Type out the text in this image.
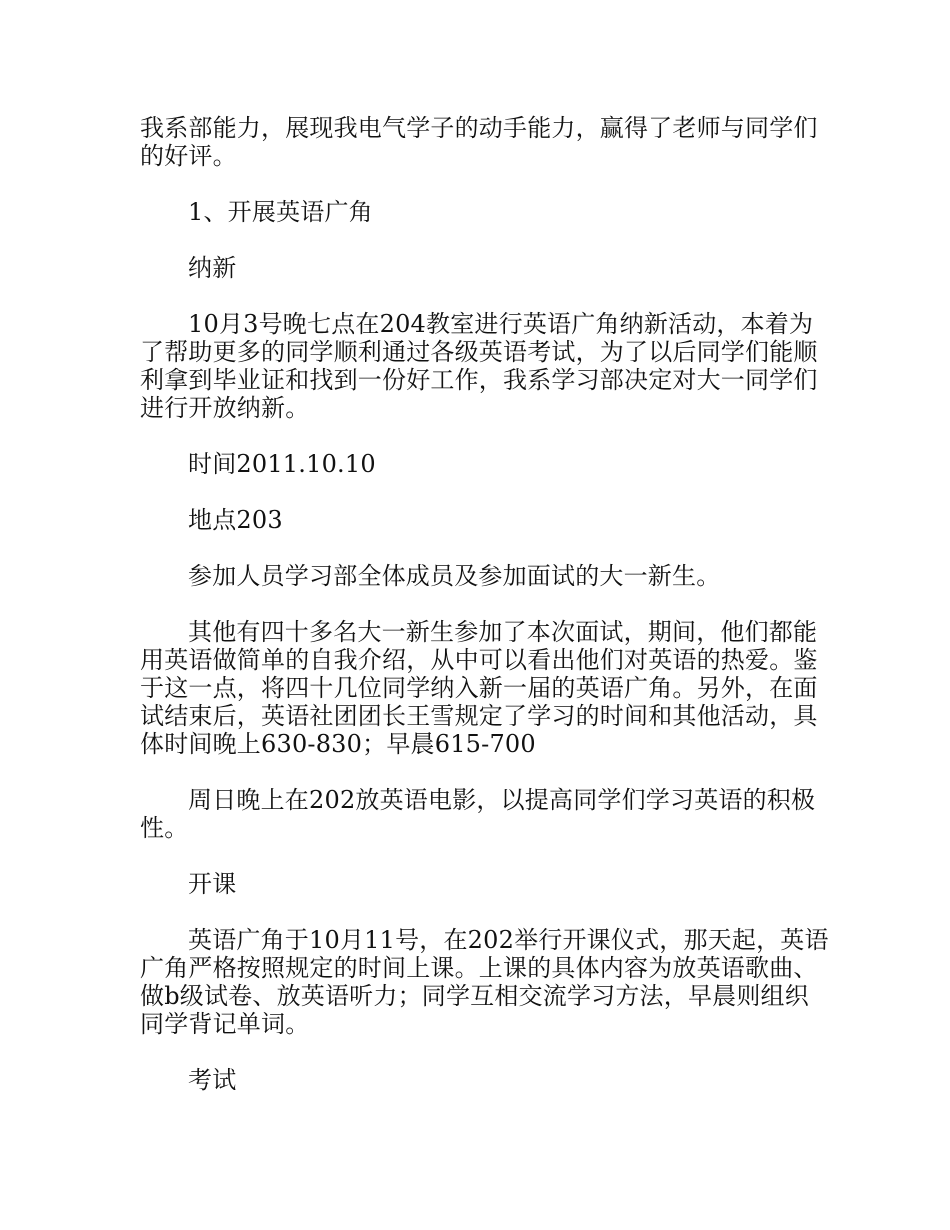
我系部能力，展现我电气学子的动手能力，赢得了老师与同学们的好评。

1、开展英语广角

纳新

10月3号晚七点在204教室进行英语广角纳新活动，本着为了帮助更多的同学顺利通过各级英语考试，为了以后同学们能顺利拿到毕业证和找到一份好工作，我系学习部决定对大一同学们进行开放纳新。

时间2011.10.10

地点203

参加人员学习部全体成员及参加面试的大一新生。

其他有四十多名大一新生参加了本次面试，期间，他们都能用英语做简单的自我介绍，从中可以看出他们对英语的热爱。鉴于这一点，将四十几位同学纳入新一届的英语广角。另外，在面试结束后，英语社团团长王雪规定了学习的时间和其他活动，具体时间晚上630-830；早晨615-700

周日晚上在202放英语电影，以提高同学们学习英语的积极性。

开课

英语广角于10月11号，在202举行开课仪式，那天起，英语广角严格按照规定的时间上课。上课的具体内容为放英语歌曲、做b级试卷、放英语听力；同学互相交流学习方法，早晨则组织同学背记单词。

考试
